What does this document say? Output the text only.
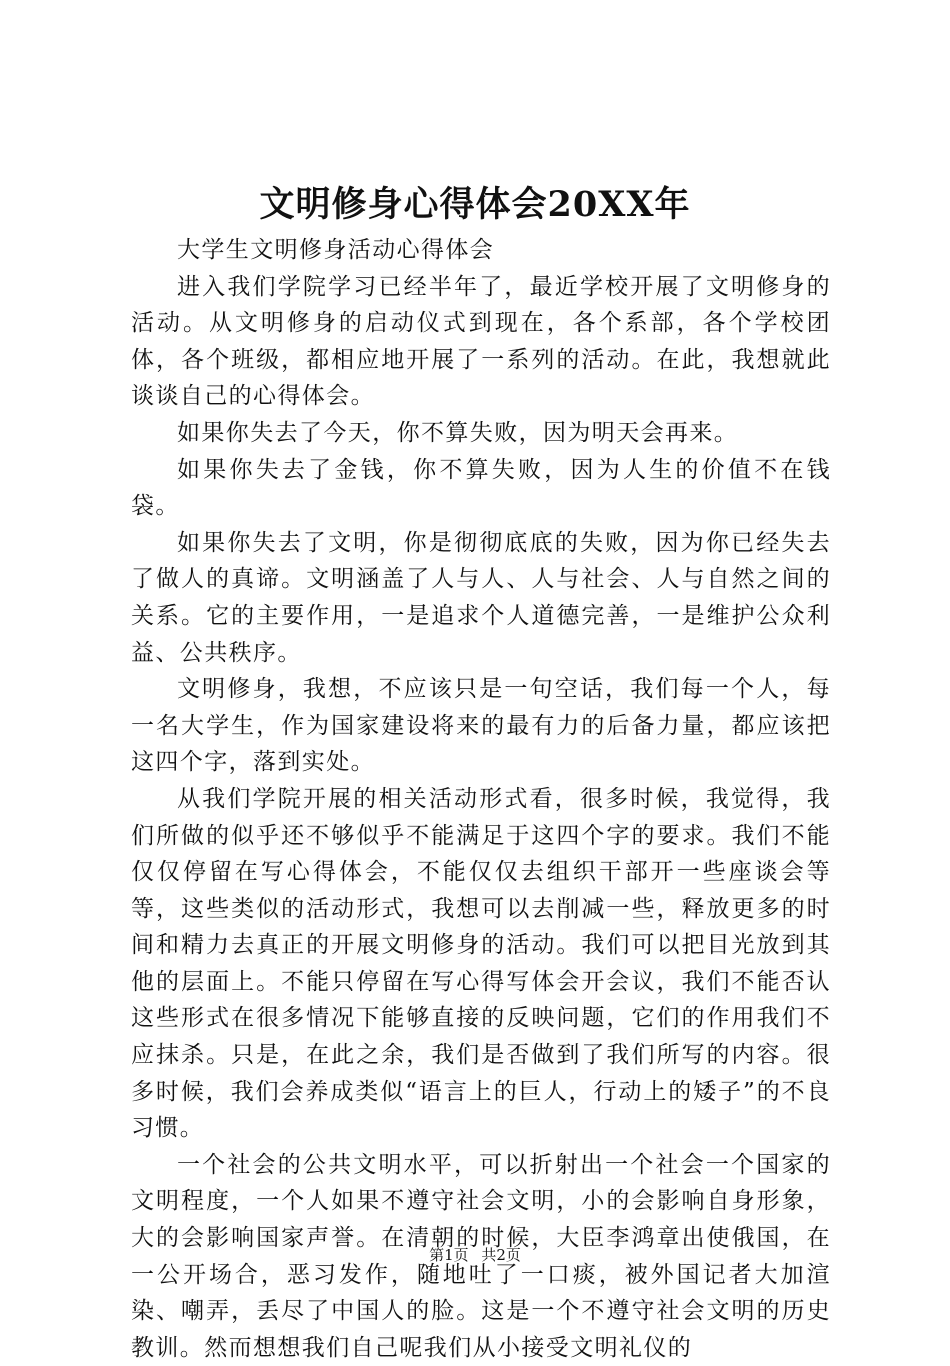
文明修身心得体会20XX年

大学生文明修身活动心得体会

进入我们学院学习已经半年了，最近学校开展了文明修身的活动。从文明修身的启动仪式到现在，各个系部，各个学校团体，各个班级，都相应地开展了一系列的活动。在此，我想就此谈谈自己的心得体会。

如果你失去了今天，你不算失败，因为明天会再来。

如果你失去了金钱，你不算失败，因为人生的价值不在钱袋。

如果你失去了文明，你是彻彻底底的失败，因为你已经失去了做人的真谛。文明涵盖了人与人、人与社会、人与自然之间的关系。它的主要作用，一是追求个人道德完善，一是维护公众利益、公共秩序。

文明修身，我想，不应该只是一句空话，我们每一个人，每一名大学生，作为国家建设将来的最有力的后备力量，都应该把这四个字，落到实处。

从我们学院开展的相关活动形式看，很多时候，我觉得，我们所做的似乎还不够似乎不能满足于这四个字的要求。我们不能仅仅停留在写心得体会，不能仅仅去组织干部开一些座谈会等等，这些类似的活动形式，我想可以去削减一些，释放更多的时间和精力去真正的开展文明修身的活动。我们可以把目光放到其他的层面上。不能只停留在写心得写体会开会议，我们不能否认这些形式在很多情况下能够直接的反映问题，它们的作用我们不应抹杀。只是，在此之余，我们是否做到了我们所写的内容。很多时候，我们会养成类似“语言上的巨人，行动上的矮子”的不良习惯。

一个社会的公共文明水平，可以折射出一个社会一个国家的文明程度，一个人如果不遵守社会文明，小的会影响自身形象，大的会影响国家声誉。在清朝的时候，大臣李鸿章出使俄国，在一公开场合，恶习发作，随地吐了一口痰，被外国记者大加渲染、嘲弄，丢尽了中国人的脸。这是一个不遵守社会文明的历史教训。然而想想我们自己呢我们从小接受文明礼仪的

第1页 共2页
